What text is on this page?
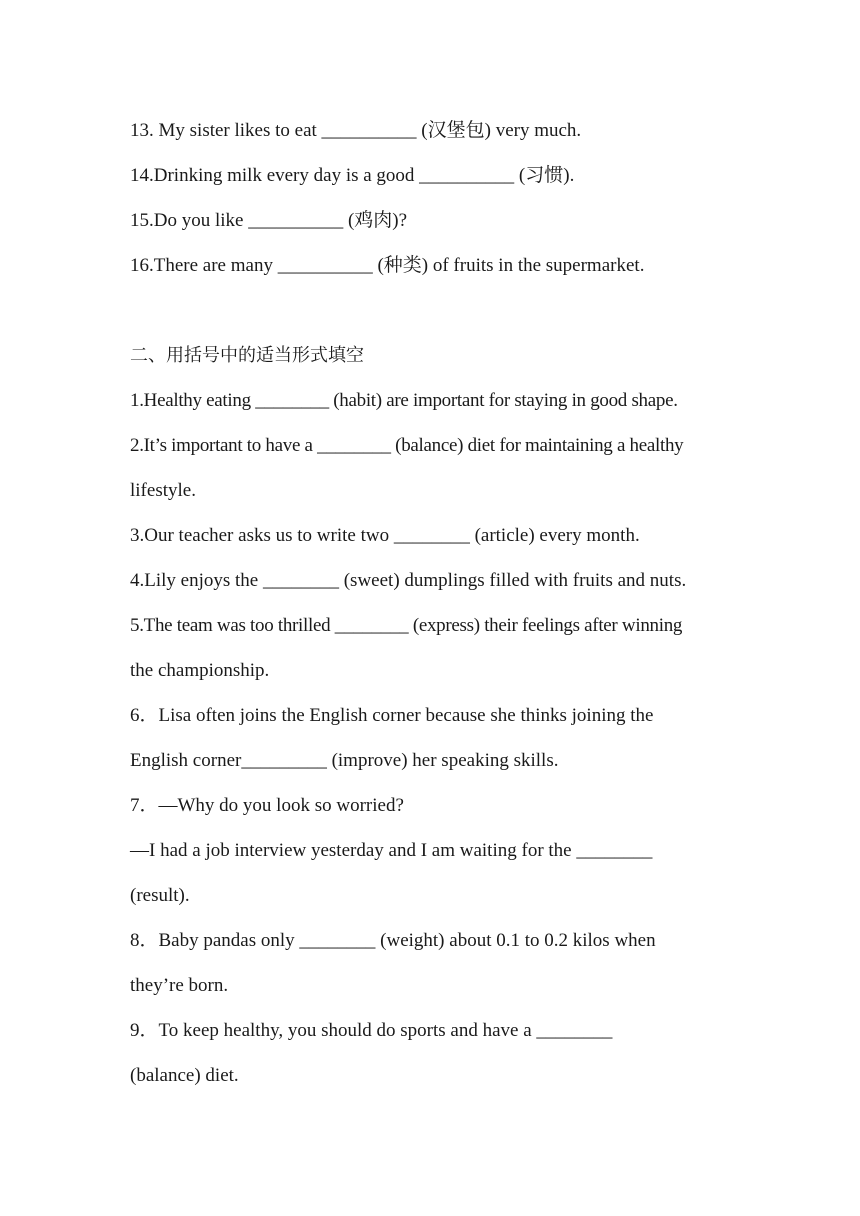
13. My sister likes to eat __________ (汉堡包) very much.
14.Drinking milk every day is a good __________ (习惯).
15.Do you like __________ (鸡肉)?
16.There are many __________ (种类) of fruits in the supermarket.
二、用括号中的适当形式填空
1.Healthy eating ________ (habit) are important for staying in good shape.
2.It’s important to have a ________ (balance) diet for maintaining a healthy
lifestyle.
3.Our teacher asks us to write two ________ (article) every month.
4.Lily enjoys the ________ (sweet) dumplings filled with fruits and nuts.
5.The team was too thrilled ________ (express) their feelings after winning
the championship.
6．Lisa often joins the English corner because she thinks joining the
English corner_________ (improve) her speaking skills.
7．—Why do you look so worried?
—I had a job interview yesterday and I am waiting for the ________
(result).
8．Baby pandas only ________ (weight) about 0.1 to 0.2 kilos when
they’re born.
9．To keep healthy, you should do sports and have a ________
(balance) diet.
